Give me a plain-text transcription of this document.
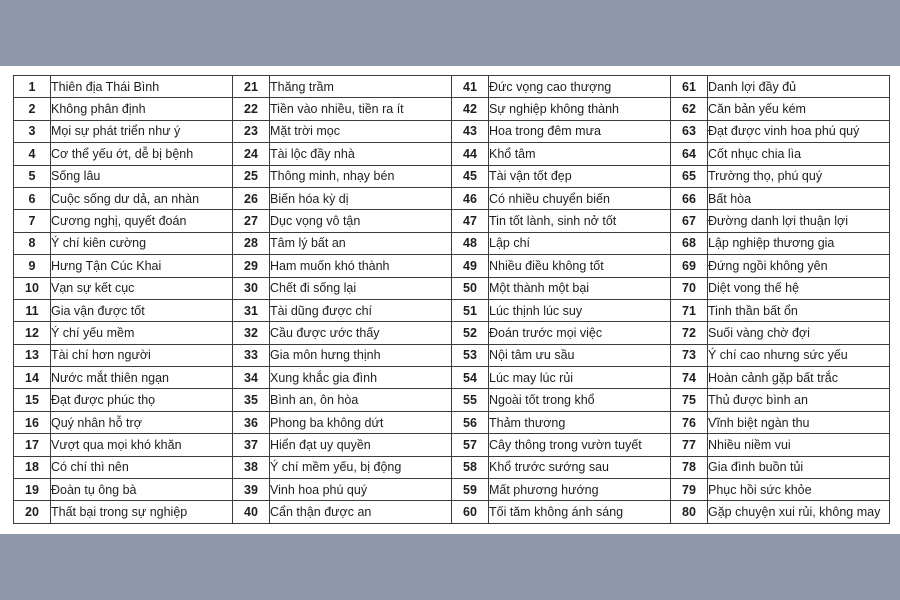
1	Thiên địa Thái Bình	21	Thăng trầm	41	Đức vọng cao thượng	61	Danh lợi đầy đủ
2	Không phân định	22	Tiền vào nhiều, tiền ra ít	42	Sự nghiệp không thành	62	Căn bản yếu kém
3	Mọi sự phát triển như ý	23	Mặt trời mọc	43	Hoa trong đêm mưa	63	Đạt được vinh hoa phú quý
4	Cơ thể yếu ớt, dễ bị bệnh	24	Tài lộc đầy nhà	44	Khổ tâm	64	Cốt nhục chia lìa
5	Sống lâu	25	Thông minh, nhạy bén	45	Tài vận tốt đẹp	65	Trường thọ, phú quý
6	Cuộc sống dư dả, an nhàn	26	Biến hóa kỳ dị	46	Có nhiều chuyển biến	66	Bất hòa
7	Cương nghị, quyết đoán	27	Dục vọng vô tận	47	Tin tốt lành, sinh nở tốt	67	Đường danh lợi thuận lợi
8	Ý chí kiên cường	28	Tâm lý bất an	48	Lập chí	68	Lập nghiệp thương gia
9	Hưng Tận Cúc Khai	29	Ham muốn khó thành	49	Nhiều điều không tốt	69	Đứng ngồi không yên
10	Vạn sự kết cục	30	Chết đi sống lại	50	Một thành một bại	70	Diệt vong thế hệ
11	Gia vận được tốt	31	Tài dũng được chí	51	Lúc thịnh lúc suy	71	Tinh thần bất ổn
12	Ý chí yếu mềm	32	Cầu được ước thấy	52	Đoán trước mọi việc	72	Suối vàng chờ đợi
13	Tài chí hơn người	33	Gia môn hưng thịnh	53	Nội tâm ưu sầu	73	Ý chí cao nhưng sức yếu
14	Nước mắt thiên ngạn	34	Xung khắc gia đình	54	Lúc may lúc rủi	74	Hoàn cảnh gặp bất trắc
15	Đạt được phúc thọ	35	Bình an, ôn hòa	55	Ngoài tốt trong khổ	75	Thủ được bình an
16	Quý nhân hỗ trợ	36	Phong ba không dứt	56	Thảm thương	76	Vĩnh biệt ngàn thu
17	Vượt qua mọi khó khăn	37	Hiển đạt uy quyền	57	Cây thông trong vườn tuyết	77	Nhiều niềm vui
18	Có chí thì nên	38	Ý chí mềm yếu, bị động	58	Khổ trước sướng sau	78	Gia đình buồn tủi
19	Đoàn tụ ông bà	39	Vinh hoa phú quý	59	Mất phương hướng	79	Phục hồi sức khỏe
20	Thất bại trong sự nghiệp	40	Cẩn thận được an	60	Tối tăm không ánh sáng	80	Gặp chuyện xui rủi, không may
